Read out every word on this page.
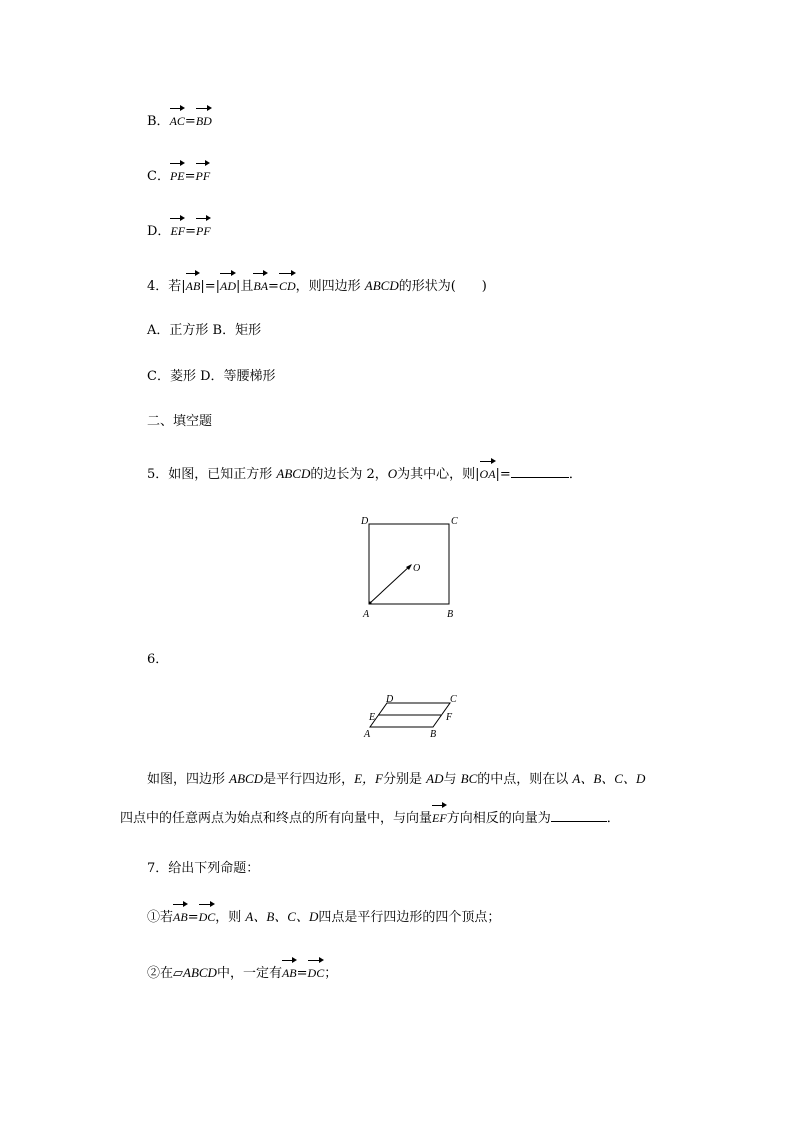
B．AC=BD
C．PE=PF
D．EF=PF
4．若|AB|=|AD|且BA=CD，则四边形 ABCD的形状为(　　)
A．正方形 B．矩形
C．菱形 D．等腰梯形
二、填空题
5．如图，已知正方形 ABCD的边长为 2，O为其中心，则|OA|=	．
D	C
O
A	B
6．
D	C
E	F
A	B
如图，四边形 ABCD是平行四边形，E，F分别是 AD与 BC的中点，则在以 A、B、C、D
四点中的任意两点为始点和终点的所有向量中，与向量EF方向相反的向量为	．
7．给出下列命题：
①若AB=DC，则 A、B、C、D四点是平行四边形的四个顶点；
②在▱ABCD中，一定有AB=DC；
